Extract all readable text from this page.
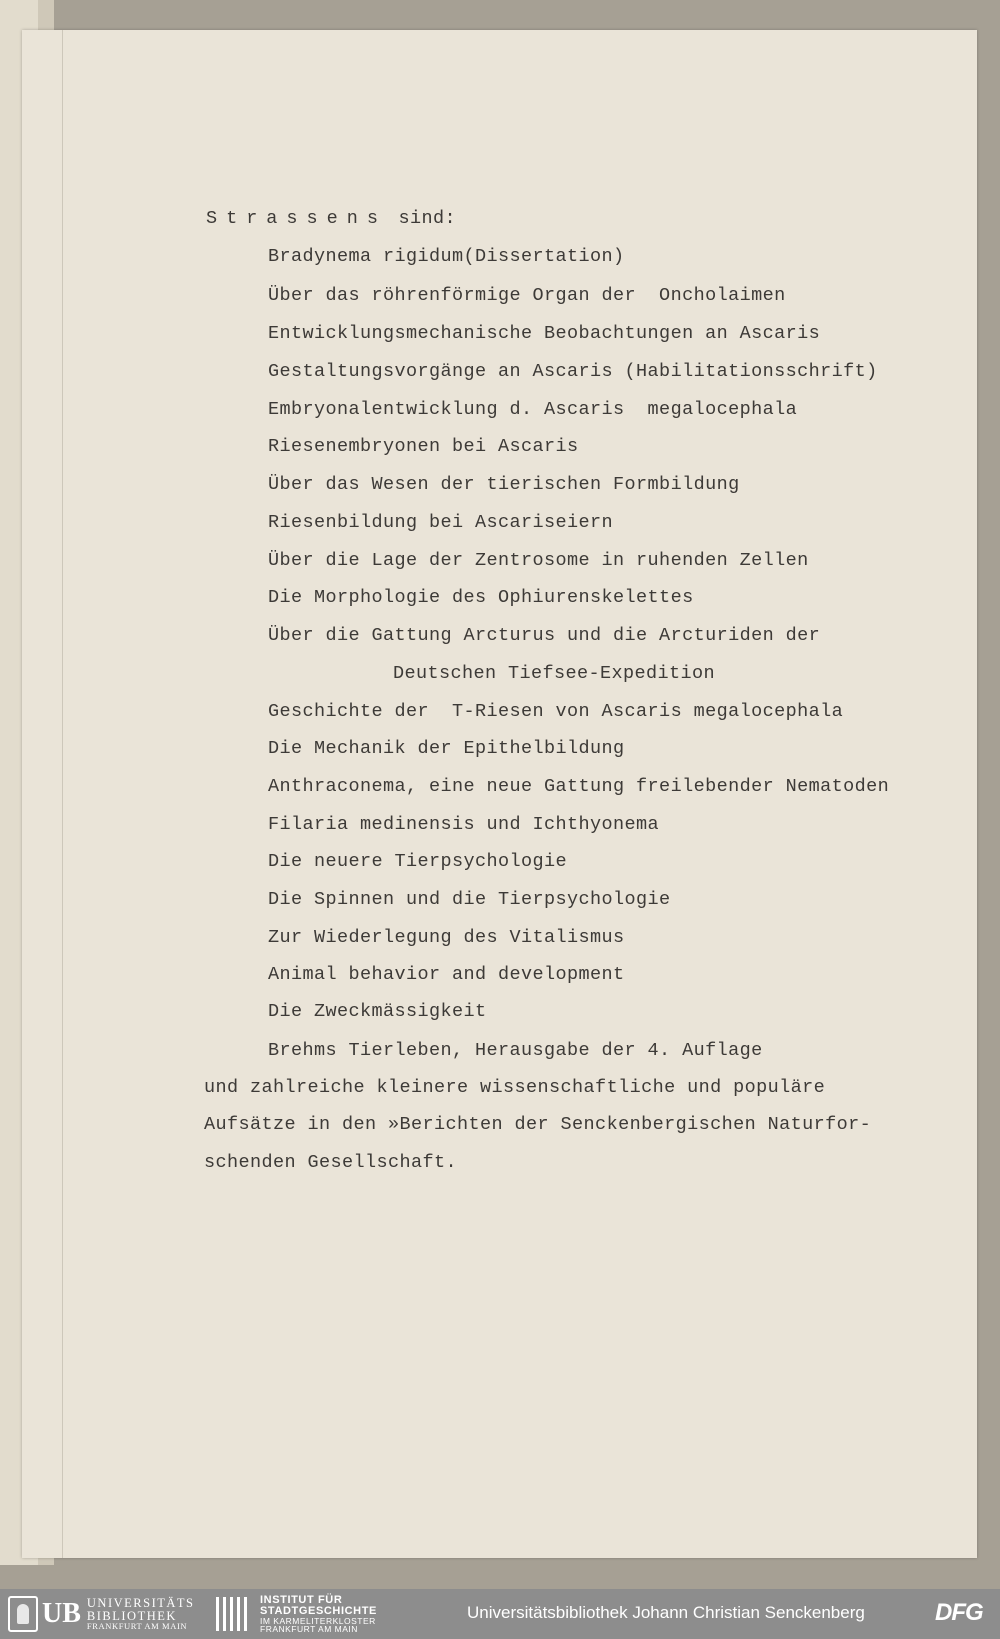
Strassens sind:
Bradynema rigidum(Dissertation)
Über das röhrenförmige Organ der  Oncholaimen
Entwicklungsmechanische Beobachtungen an Ascaris
Gestaltungsvorgänge an Ascaris (Habilitationsschrift)
Embryonalentwicklung d. Ascaris  megalocephala
Riesenembryonen bei Ascaris
Über das Wesen der tierischen Formbildung
Riesenbildung bei Ascariseiern
Über die Lage der Zentrosome in ruhenden Zellen
Die Morphologie des Ophiurenskelettes
Über die Gattung Arcturus und die Arcturiden der
Deutschen Tiefsee-Expedition
Geschichte der  T-Riesen von Ascaris megalocephala
Die Mechanik der Epithelbildung
Anthraconema, eine neue Gattung freilebender Nematoden
Filaria medinensis und Ichthyonema
Die neuere Tierpsychologie
Die Spinnen und die Tierpsychologie
Zur Wiederlegung des Vitalismus
Animal behavior and development
Die Zweckmässigkeit
Brehms Tierleben, Herausgabe der 4. Auflage
und zahlreiche kleinere wissenschaftliche und populäre
Aufsätze in den »Berichten der Senckenbergischen Naturfor-
schenden Gesellschaft.
UB UNIVERSITÄTS
BIBLIOTHEK
FRANKFURT AM MAIN
INSTITUT FÜR
STADTGESCHICHTE
IM KARMELITERKLOSTER
FRANKFURT AM MAIN
Universitätsbibliothek Johann Christian Senckenberg	DFG
